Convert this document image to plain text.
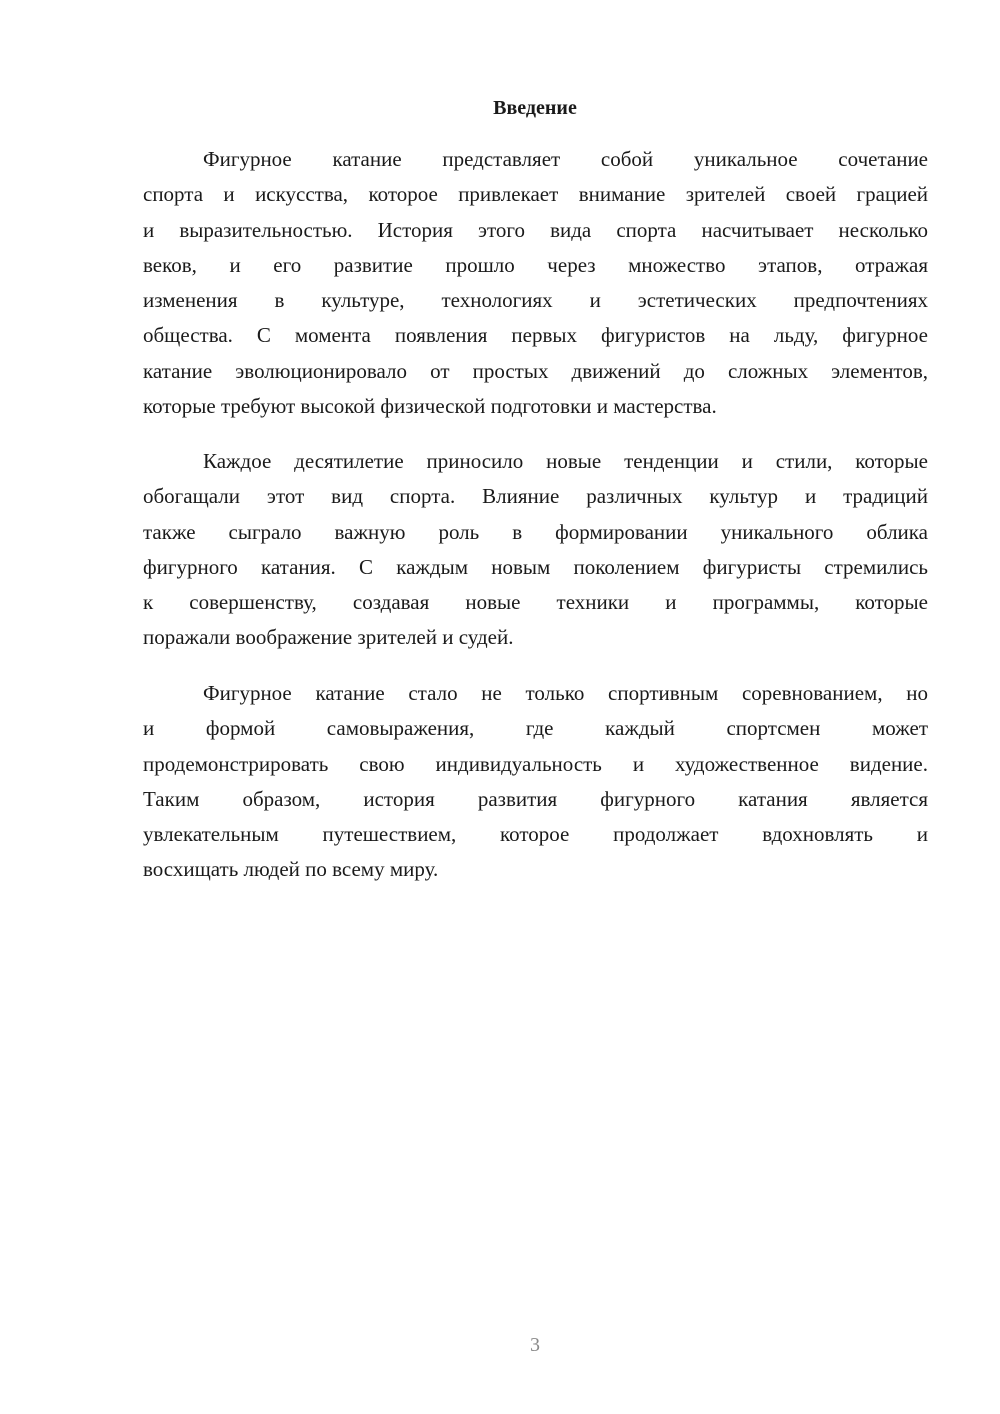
Введение
Фигурное катание представляет собой уникальное сочетание
спорта и искусства, которое привлекает внимание зрителей своей грацией
и выразительностью. История этого вида спорта насчитывает несколько
веков, и его развитие прошло через множество этапов, отражая
изменения в культуре, технологиях и эстетических предпочтениях
общества. С момента появления первых фигуристов на льду, фигурное
катание эволюционировало от простых движений до сложных элементов,
которые требуют высокой физической подготовки и мастерства.
Каждое десятилетие приносило новые тенденции и стили, которые
обогащали этот вид спорта. Влияние различных культур и традиций
также сыграло важную роль в формировании уникального облика
фигурного катания. С каждым новым поколением фигуристы стремились
к совершенству, создавая новые техники и программы, которые
поражали воображение зрителей и судей.
Фигурное катание стало не только спортивным соревнованием, но
и формой самовыражения, где каждый спортсмен может
продемонстрировать свою индивидуальность и художественное видение.
Таким образом, история развития фигурного катания является
увлекательным путешествием, которое продолжает вдохновлять и
восхищать людей по всему миру.
3
